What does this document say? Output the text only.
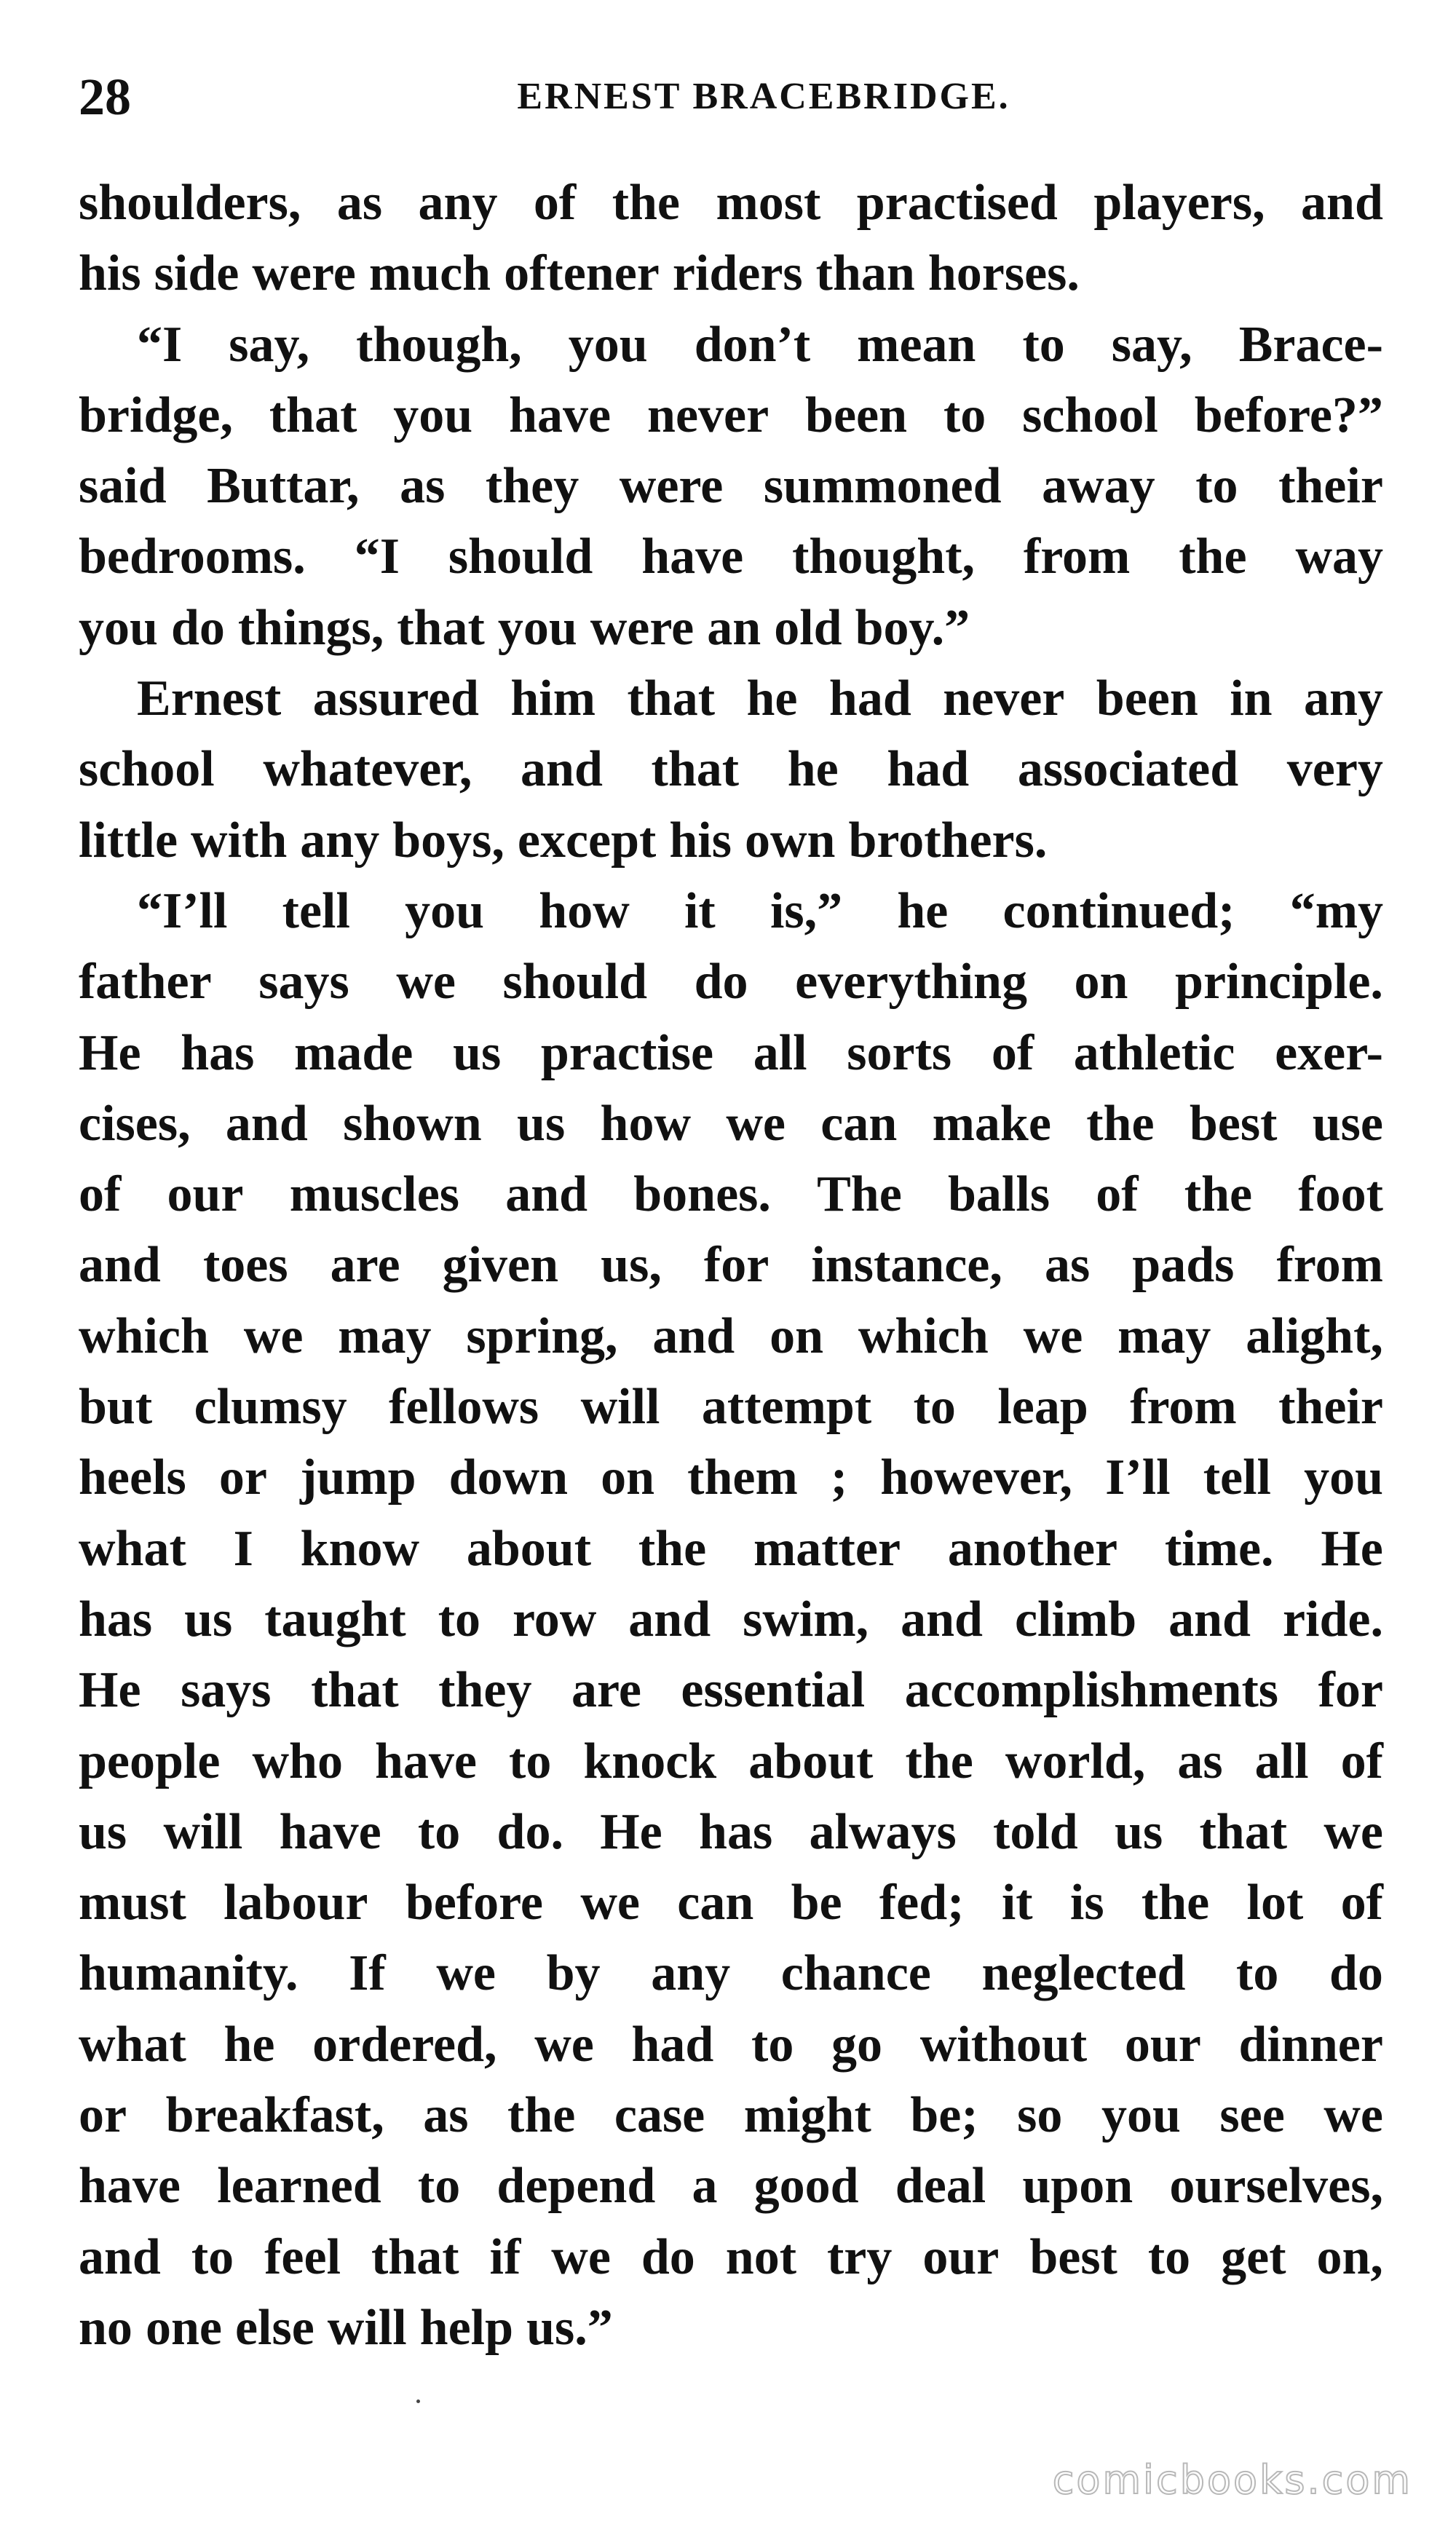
28	ERNEST BRACEBRIDGE.
shoulders, as any of the most practised players, and
his side were much oftener riders than horses.
“I say, though, you don’t mean to say, Brace-
bridge, that you have never been to school before?”
said Buttar, as they were summoned away to their
bedrooms. “I should have thought, from the way
you do things, that you were an old boy.”
Ernest assured him that he had never been in any
school whatever, and that he had associated very
little with any boys, except his own brothers.
“I’ll tell you how it is,” he continued; “my
father says we should do everything on principle.
He has made us practise all sorts of athletic exer-
cises, and shown us how we can make the best use
of our muscles and bones. The balls of the foot
and toes are given us, for instance, as pads from
which we may spring, and on which we may alight,
but clumsy fellows will attempt to leap from their
heels or jump down on them ; however, I’ll tell you
what I know about the matter another time. He
has us taught to row and swim, and climb and ride.
He says that they are essential accomplishments for
people who have to knock about the world, as all of
us will have to do. He has always told us that we
must labour before we can be fed; it is the lot of
humanity. If we by any chance neglected to do
what he ordered, we had to go without our dinner
or breakfast, as the case might be; so you see we
have learned to depend a good deal upon ourselves,
and to feel that if we do not try our best to get on,
no one else will help us.”
comicbooks.com
